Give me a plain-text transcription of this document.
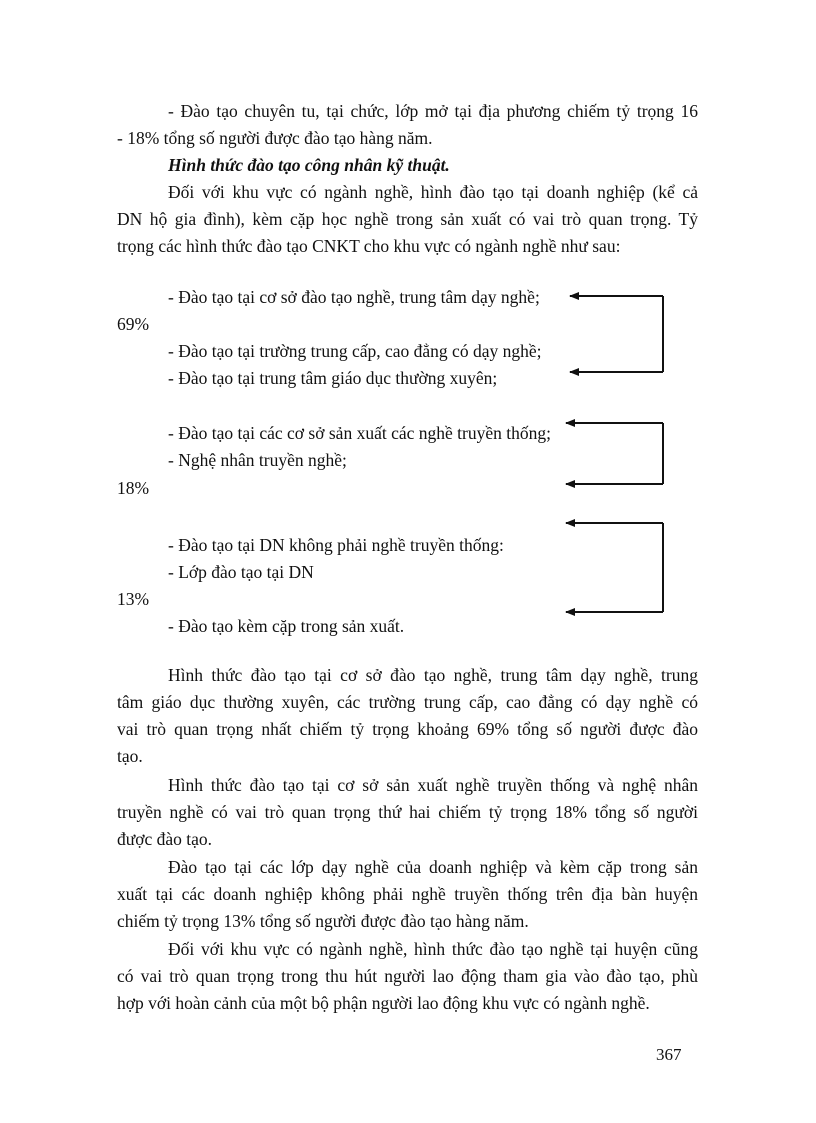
- Đào tạo chuyên tu, tại chức, lớp mở tại địa phương chiếm tỷ trọng 16

- 18% tổng số người được đào tạo hàng năm.

Hình thức đào tạo công nhân kỹ thuật.

Đối với khu vực có ngành nghề, hình đào tạo tại doanh nghiệp (kể cả

DN hộ gia đình), kèm cặp học nghề trong sản xuất có vai trò quan trọng. Tỷ

trọng các hình thức đào tạo CNKT cho khu vực có ngành nghề như sau:

- Đào tạo tại cơ sở đào tạo nghề, trung tâm dạy nghề;

69%

- Đào tạo tại trường trung cấp, cao đẳng có dạy nghề;

- Đào tạo tại trung tâm giáo dục thường xuyên;

- Đào tạo tại các cơ sở sản xuất các nghề truyền thống;

- Nghệ nhân truyền nghề;

18%

- Đào tạo tại DN không phải nghề truyền thống:

- Lớp đào tạo tại DN

13%

- Đào tạo kèm cặp trong sản xuất.

Hình thức đào tạo tại cơ sở đào tạo nghề, trung tâm dạy nghề, trung

tâm giáo dục thường xuyên, các trường trung cấp, cao đẳng có dạy nghề có

vai trò quan trọng nhất chiếm tỷ trọng khoảng 69% tổng số người được đào

tạo.

Hình thức đào tạo tại cơ sở sản xuất nghề truyền thống và nghệ nhân

truyền nghề có vai trò quan trọng thứ hai chiếm tỷ trọng 18% tổng số người

được đào tạo.

Đào tạo tại các lớp dạy nghề của doanh nghiệp và kèm cặp trong sản

xuất tại các doanh nghiệp không phải nghề truyền thống trên địa bàn huyện

chiếm tỷ trọng 13% tổng số người được đào tạo hàng năm.

Đối với khu vực có ngành nghề, hình thức đào tạo nghề tại huyện cũng

có vai trò quan trọng trong thu hút người lao động tham gia vào đào tạo, phù

hợp với hoàn cảnh của một bộ phận người lao động khu vực có ngành nghề.

367
